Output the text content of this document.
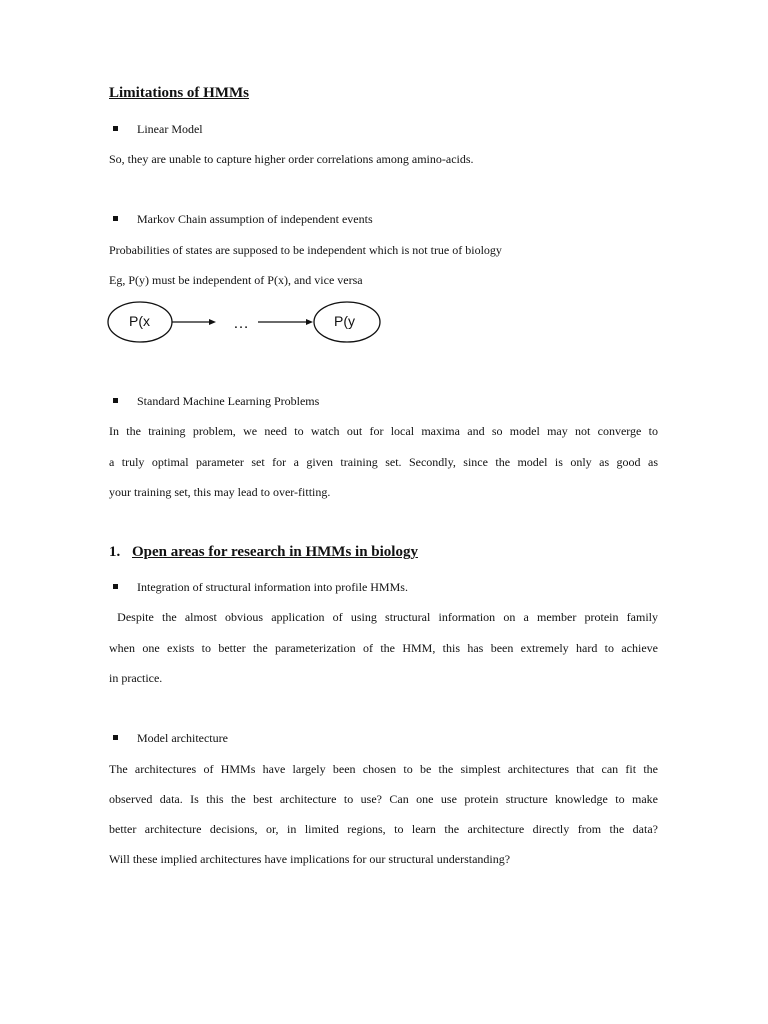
Limitations of HMMs
Linear Model
So, they are unable to capture higher order correlations among amino-acids.
Markov Chain assumption of independent events
Probabilities of states are supposed to be independent which is not true of biology
Eg, P(y) must be independent of P(x), and vice versa
P(x	…	P(y
Standard Machine Learning Problems
In the training problem, we need to watch out for local maxima and so model may not converge to
a truly optimal parameter set for a given training set. Secondly, since the model is only as good as
your training set, this may lead to over-fitting.
1. Open areas for research in HMMs in biology
Integration of structural information into profile HMMs.
Despite the almost obvious application of using structural information on a member protein family
when one exists to better the parameterization of the HMM, this has been extremely hard to achieve
in practice.
Model architecture
The architectures of HMMs have largely been chosen to be the simplest architectures that can fit the
observed data. Is this the best architecture to use? Can one use protein structure knowledge to make
better architecture decisions, or, in limited regions, to learn the architecture directly from the data?
Will these implied architectures have implications for our structural understanding?
